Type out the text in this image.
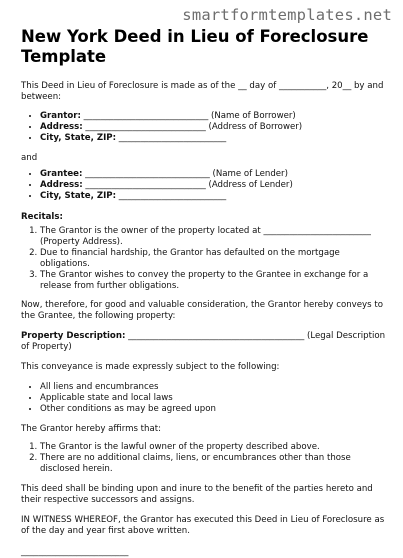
smartformtemplates.net
New York Deed in Lieu of Foreclosure Template

This Deed in Lieu of Foreclosure is made as of the __ day of ___________, 20__ by and between:

• Grantor: _____________________________ (Name of Borrower)
• Address: ____________________________ (Address of Borrower)
• City, State, ZIP: _________________________

and

• Grantee: _____________________________ (Name of Lender)
• Address: ____________________________ (Address of Lender)
• City, State, ZIP: _________________________

Recitals:

1. The Grantor is the owner of the property located at _________________________ (Property Address).
2. Due to financial hardship, the Grantor has defaulted on the mortgage obligations.
3. The Grantor wishes to convey the property to the Grantee in exchange for a release from further obligations.

Now, therefore, for good and valuable consideration, the Grantor hereby conveys to the Grantee, the following property:

Property Description: _________________________________________ (Legal Description of Property)

This conveyance is made expressly subject to the following:

• All liens and encumbrances
• Applicable state and local laws
• Other conditions as may be agreed upon

The Grantor hereby affirms that:

1. The Grantor is the lawful owner of the property described above.
2. There are no additional claims, liens, or encumbrances other than those disclosed herein.

This deed shall be binding upon and inure to the benefit of the parties hereto and their respective successors and assigns.

IN WITNESS WHEREOF, the Grantor has executed this Deed in Lieu of Foreclosure as of the day and year first above written.

_________________________
